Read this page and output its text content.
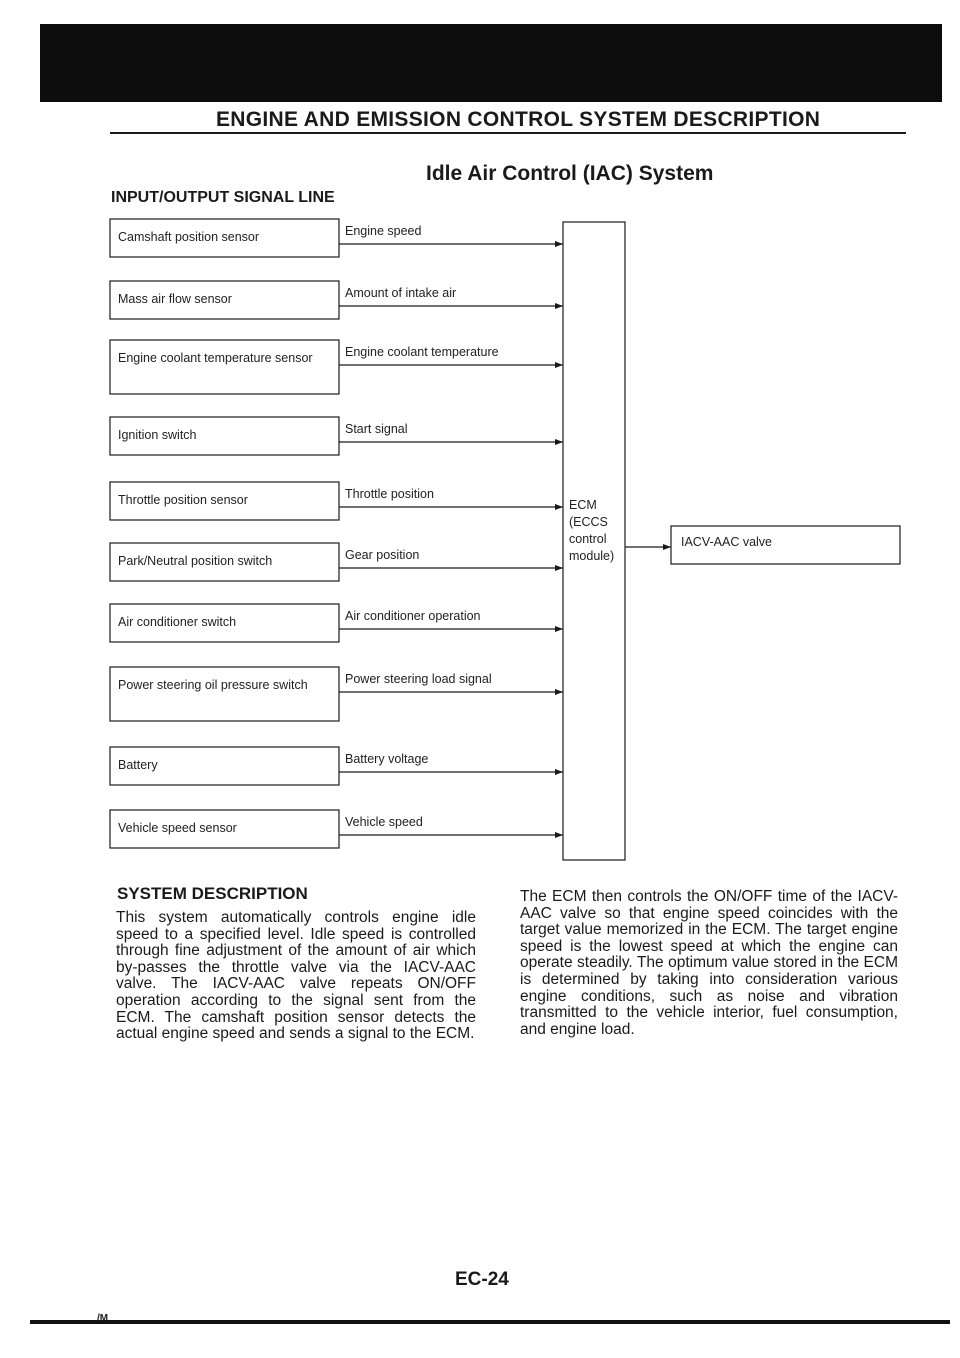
ENGINE AND EMISSION CONTROL SYSTEM DESCRIPTION
Idle Air Control (IAC) System
INPUT/OUTPUT SIGNAL LINE
Camshaft position sensor	Engine speed
Mass air flow sensor	Amount of intake air
Engine coolant temperature sensor	Engine coolant temperature
Ignition switch	Start signal
Throttle position sensor	Throttle position
Park/Neutral position switch	Gear position
Air conditioner switch	Air conditioner operation
Power steering oil pressure switch	Power steering load signal
Battery	Battery voltage
Vehicle speed sensor	Vehicle speed
ECM (ECCS control module)
IACV-AAC valve
SYSTEM DESCRIPTION
This system automatically controls engine idle speed to a specified level. Idle speed is controlled through fine adjustment of the amount of air which by-passes the throttle valve via the IACV-AAC valve. The IACV-AAC valve repeats ON/OFF operation according to the signal sent from the ECM. The camshaft position sensor detects the actual engine speed and sends a signal to the ECM.
The ECM then controls the ON/OFF time of the IACV-AAC valve so that engine speed coincides with the target value memorized in the ECM. The target engine speed is the lowest speed at which the engine can operate steadily. The optimum value stored in the ECM is determined by taking into consideration various engine conditions, such as noise and vibration transmitted to the vehicle interior, fuel consumption, and engine load.
EC-24
/M
